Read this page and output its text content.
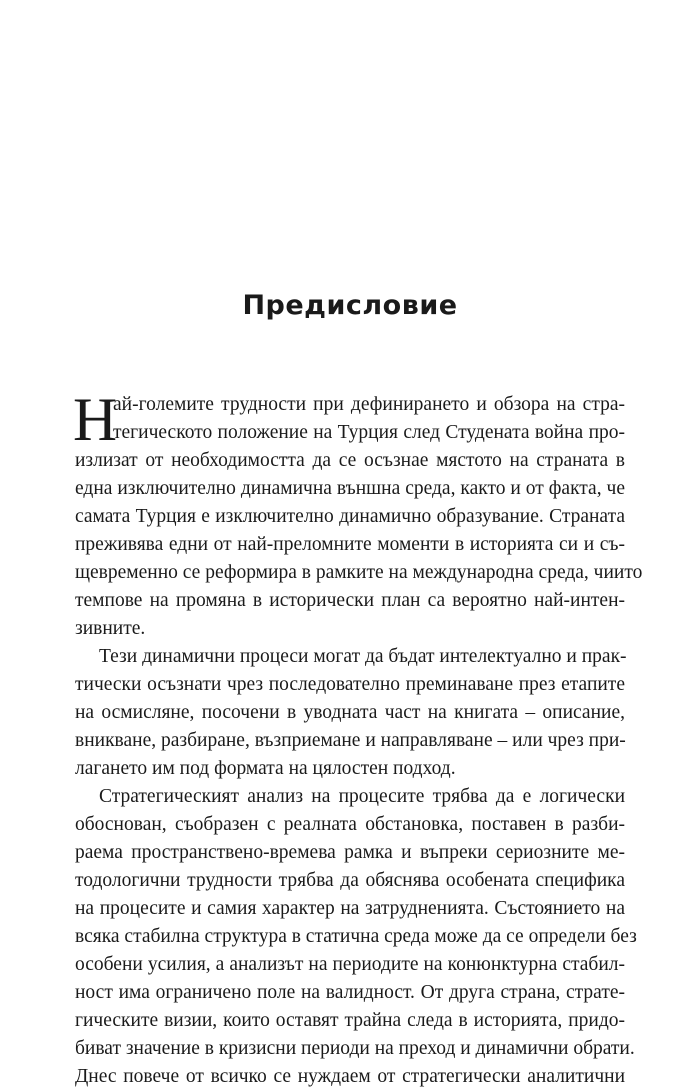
Предисловие
Н
ай-големите трудности при дефинирането и обзора на стра-
тегическото положение на Турция след Студената война про-
излизат от необходимостта да се осъзнае мястото на страната в
една изключително динамична външна среда, както и от факта, че
самата Турция е изключително динамично образувание. Страната
преживява едни от най-преломните моменти в историята си и съ-
щевременно се реформира в рамките на международна среда, чиито
темпове на промяна в исторически план са вероятно най-интен-
зивните.
Тези динамични процеси могат да бъдат интелектуално и прак-
тически осъзнати чрез последователно преминаване през етапите
на осмисляне, посочени в уводната част на книгата – описание,
вникване, разбиране, възприемане и направляване – или чрез при-
лагането им под формата на цялостен подход.
Стратегическият анализ на процесите трябва да е логически
обоснован, съобразен с реалната обстановка, поставен в разби-
раема пространствено-времева рамка и въпреки сериозните ме-
тодологични трудности трябва да обяснява особената специфика
на процесите и самия характер на затрудненията. Състоянието на
всяка стабилна структура в статична среда може да се определи без
особени усилия, а анализът на периодите на конюнктурна стабил-
ност има ограничено поле на валидност. От друга страна, страте-
гическите визии, които оставят трайна следа в историята, придо-
биват значение в кризисни периоди на преход и динамични обрати.
Днес повече от всичко се нуждаем от стратегически аналитични
